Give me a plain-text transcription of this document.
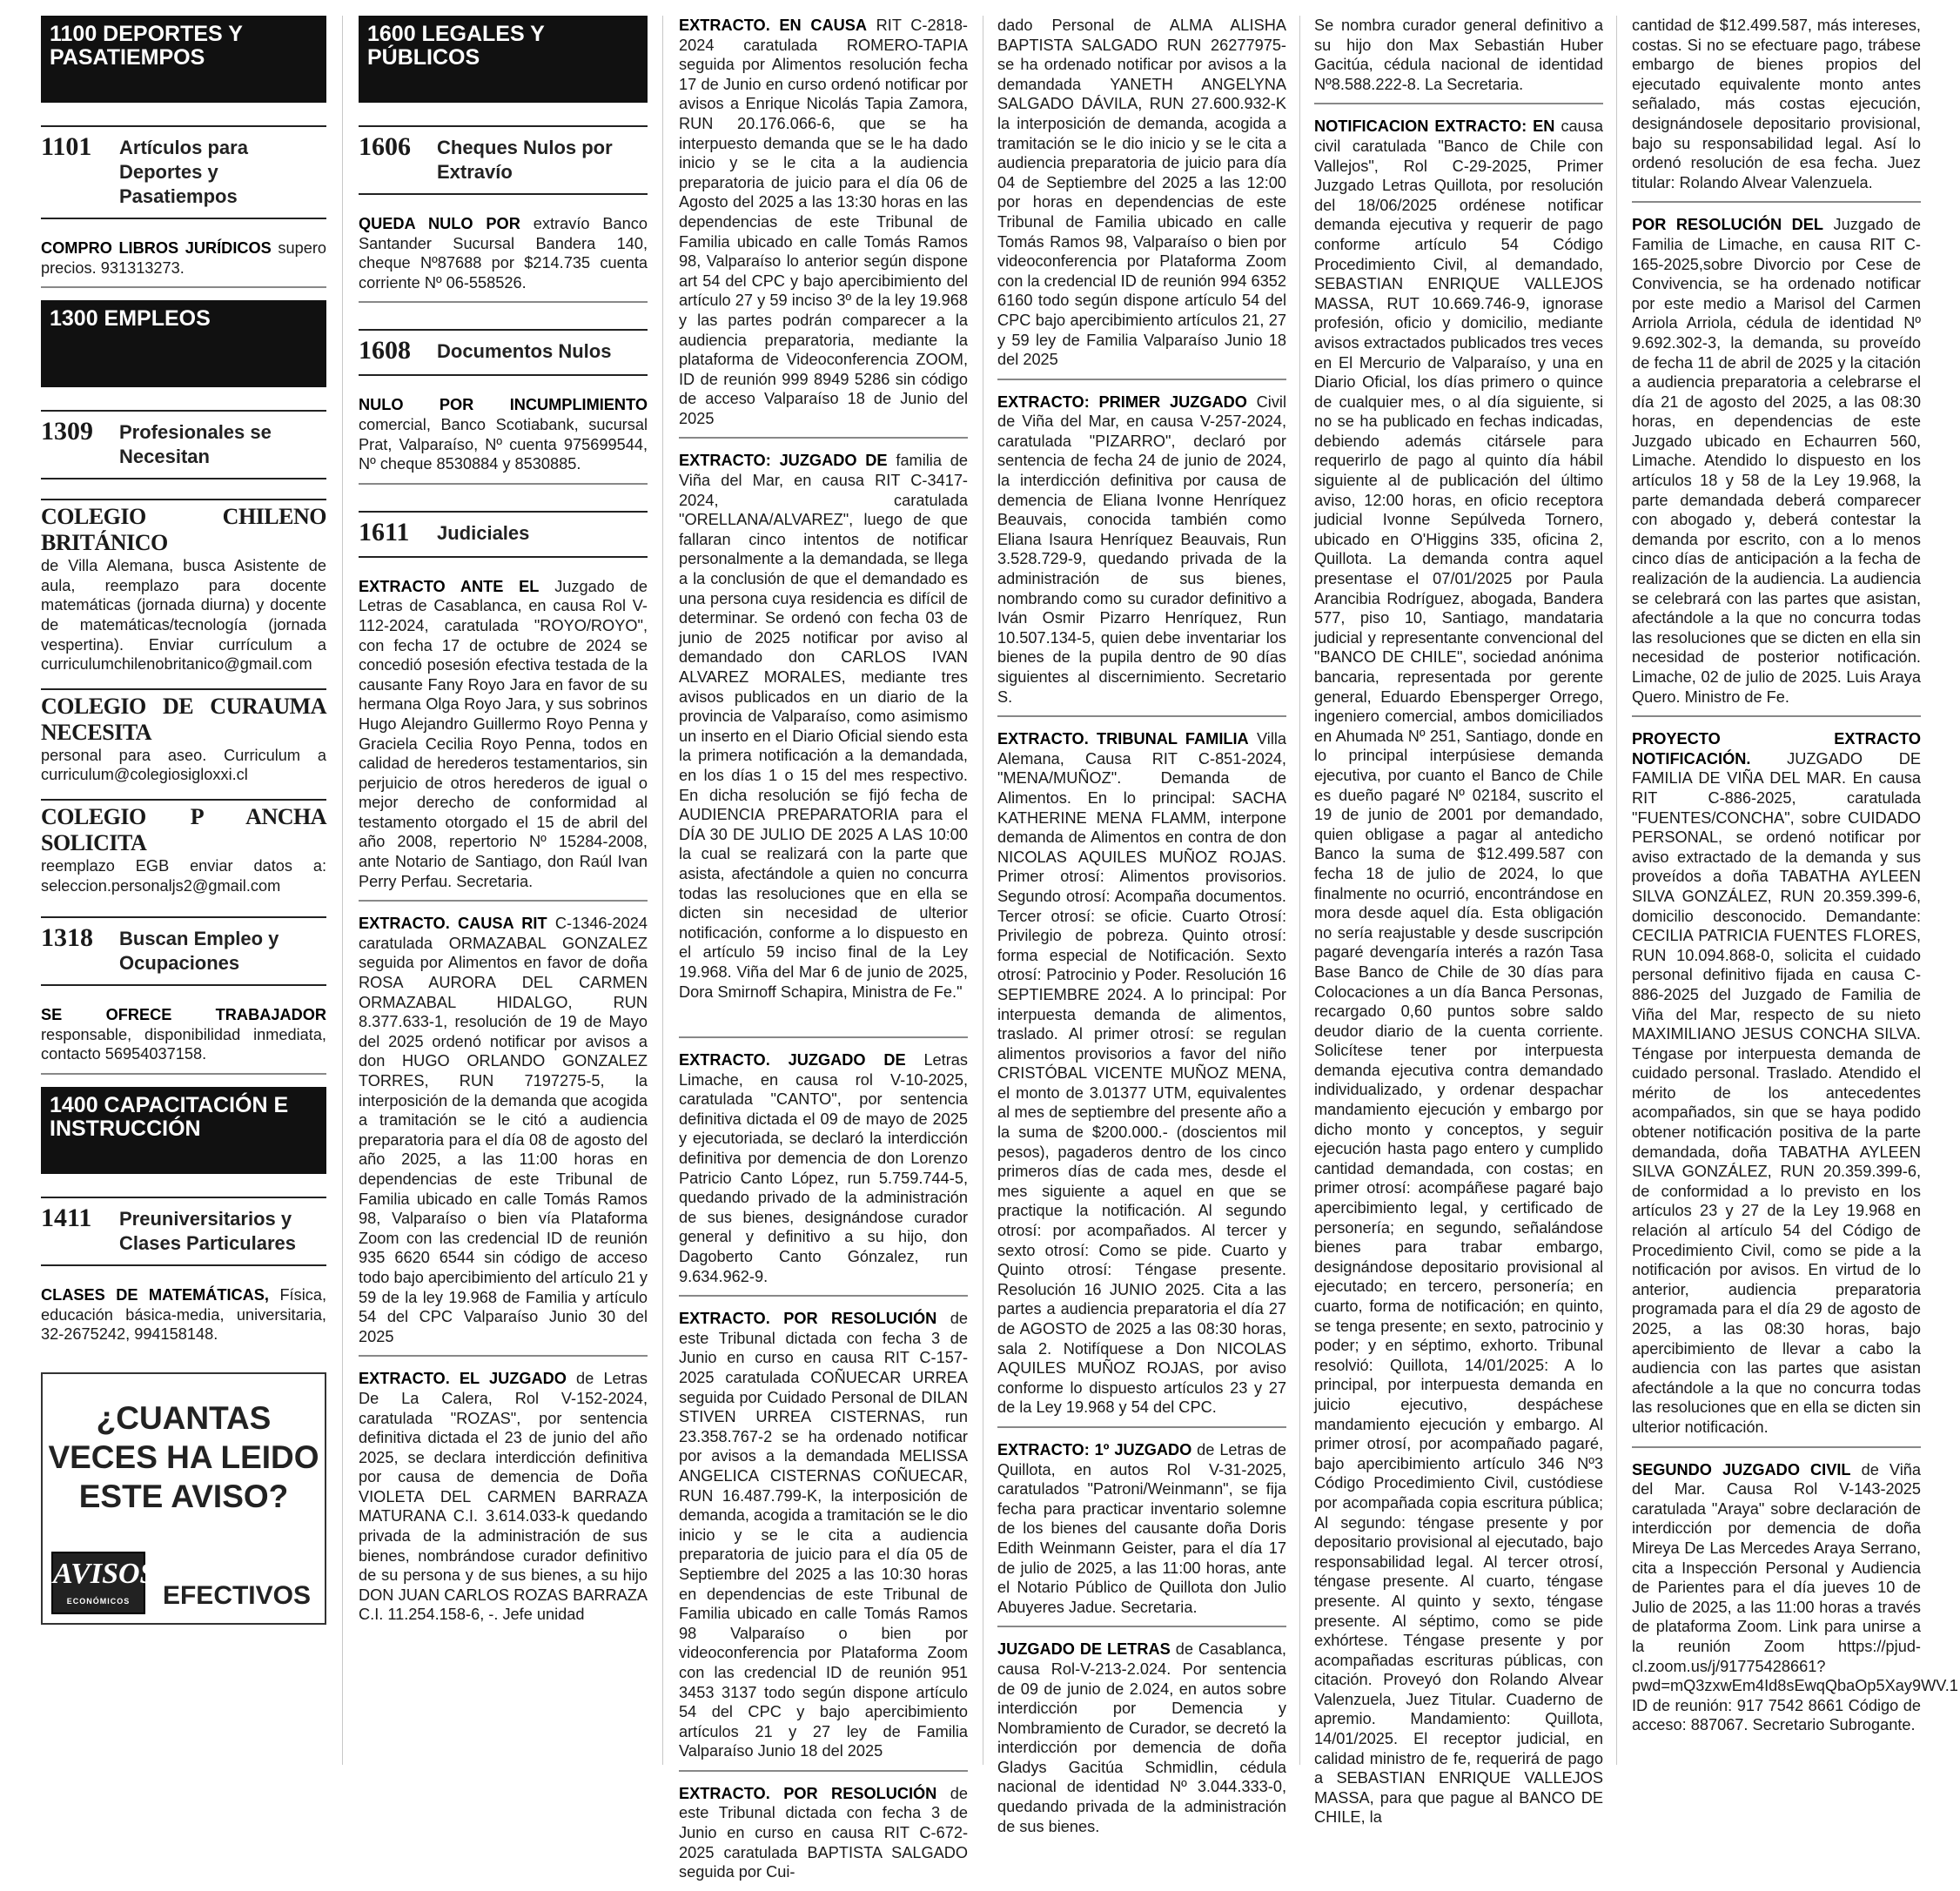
1100 DEPORTES Y PASATIEMPOS
1101	Artículos para Deportes y Pasatiempos
COMPRO LIBROS JURÍDICOS supero precios. 931313273.
1300 EMPLEOS
1309	Profesionales se Necesitan
COLEGIO CHILENO BRITÁNICO
de Villa Alemana, busca Asistente de aula, reemplazo para docente matemáticas (jornada diurna) y docente de matemáticas/tecnología (jornada vespertina). Enviar currículum a curriculumchilenobritanico@gmail.com
COLEGIO DE CURAUMA NECESITA
personal para aseo. Curriculum a curriculum@colegiosigloxxi.cl
COLEGIO P ANCHA SOLICITA
reemplazo EGB enviar datos a: seleccion.personaljs2@gmail.com
1318	Buscan Empleo y Ocupaciones
SE OFRECE TRABAJADOR responsable, disponibilidad inmediata, contacto 56954037158.
1400 CAPACITACIÓN E INSTRUCCIÓN
1411	Preuniversitarios y Clases Particulares
CLASES DE MATEMÁTICAS, Física, educación básica-media, universitaria, 32-2675242, 994158148.
¿CUANTAS VECES HA LEIDO ESTE AVISO?
AVISOS
ECONÓMICOS	EFECTIVOS
1600 LEGALES Y PÚBLICOS
1606	Cheques Nulos por Extravío
QUEDA NULO POR extravío Banco Santander Sucursal Bandera 140, cheque Nº87688 por $214.735 cuenta corriente Nº 06-558526.
1608	Documentos Nulos
NULO POR INCUMPLIMIENTO comercial, Banco Scotiabank, sucursal Prat, Valparaíso, Nº cuenta 975699544, Nº cheque 8530884 y 8530885.
1611	Judiciales
EXTRACTO ANTE EL Juzgado de Letras de Casablanca, en causa Rol V-112-2024, caratulada "ROYO/ROYO", con fecha 17 de octubre de 2024 se concedió posesión efectiva testada de la causante Fany Royo Jara en favor de su hermana Olga Royo Jara, y sus sobrinos Hugo Alejandro Guillermo Royo Penna y Graciela Cecilia Royo Penna, todos en calidad de herederos testamentarios, sin perjuicio de otros herederos de igual o mejor derecho de conformidad al testamento otorgado el 15 de abril del año 2008, repertorio Nº 15284-2008, ante Notario de Santiago, don Raúl Ivan Perry Perfau. Secretaria.
EXTRACTO. CAUSA RIT C-1346-2024 caratulada ORMAZABAL GONZALEZ seguida por Alimentos en favor de doña ROSA AURORA DEL CARMEN ORMAZABAL HIDALGO, RUN 8.377.633-1, resolución de 19 de Mayo del 2025 ordenó notificar por avisos a don HUGO ORLANDO GONZALEZ TORRES, RUN 7197275-5, la interposición de la demanda que acogida a tramitación se le citó a audiencia preparatoria para el día 08 de agosto del año 2025, a las 11:00 horas en dependencias de este Tribunal de Familia ubicado en calle Tomás Ramos 98, Valparaíso o bien vía Plataforma Zoom con las credencial ID de reunión 935 6620 6544 sin código de acceso todo bajo apercibimiento del artículo 21 y 59 de la ley 19.968 de Familia y artículo 54 del CPC Valparaíso Junio 30 del 2025
EXTRACTO. EL JUZGADO de Letras De La Calera, Rol V-152-2024, caratulada "ROZAS", por sentencia definitiva dictada el 23 de junio del año 2025, se declara interdicción definitiva por causa de demencia de Doña VIOLETA DEL CARMEN BARRAZA MATURANA C.I. 3.614.033-k quedando privada de la administración de sus bienes, nombrándose curador definitivo de su persona y de sus bienes, a su hijo DON JUAN CARLOS ROZAS BARRAZA C.I. 11.254.158-6, -. Jefe unidad
EXTRACTO. EN CAUSA RIT C-2818-2024 caratulada ROMERO-TAPIA seguida por Alimentos resolución fecha 17 de Junio en curso ordenó notificar por avisos a Enrique Nicolás Tapia Zamora, RUN 20.176.066-6, que se ha interpuesto demanda que se le ha dado inicio y se le cita a la audiencia preparatoria de juicio para el día 06 de Agosto del 2025 a las 13:30 horas en las dependencias de este Tribunal de Familia ubicado en calle Tomás Ramos 98, Valparaíso lo anterior según dispone art 54 del CPC y bajo apercibimiento del artículo 27 y 59 inciso 3º de la ley 19.968 y las partes podrán comparecer a la audiencia preparatoria, mediante la plataforma de Videoconferencia ZOOM, ID de reunión 999 8949 5286 sin código de acceso Valparaíso 18 de Junio del 2025
EXTRACTO: JUZGADO DE familia de Viña del Mar, en causa RIT C-3417-2024, caratulada "ORELLANA/ALVAREZ", luego de que fallaran cinco intentos de notificar personalmente a la demandada, se llega a la conclusión de que el demandado es una persona cuya residencia es difícil de determinar. Se ordenó con fecha 03 de junio de 2025 notificar por aviso al demandado don CARLOS IVAN ALVAREZ MORALES, mediante tres avisos publicados en un diario de la provincia de Valparaíso, como asimismo un inserto en el Diario Oficial siendo esta la primera notificación a la demandada, en los días 1 o 15 del mes respectivo. En dicha resolución se fijó fecha de AUDIENCIA PREPARATORIA para el DÍA 30 DE JULIO DE 2025 A LAS 10:00 la cual se realizará con la parte que asista, afectándole a quien no concurra todas las resoluciones que en ella se dicten sin necesidad de ulterior notificación, conforme a lo dispuesto en el artículo 59 inciso final de la Ley 19.968. Viña del Mar 6 de junio de 2025, Dora Smirnoff Schapira, Ministra de Fe."
EXTRACTO. JUZGADO DE Letras Limache, en causa rol V-10-2025, caratulada "CANTO", por sentencia definitiva dictada el 09 de mayo de 2025 y ejecutoriada, se declaró la interdicción definitiva por demencia de don Lorenzo Patricio Canto López, run 5.759.744-5, quedando privado de la administración de sus bienes, designándose curador general y definitivo a su hijo, don Dagoberto Canto Gónzalez, run 9.634.962-9.
EXTRACTO. POR RESOLUCIÓN de este Tribunal dictada con fecha 3 de Junio en curso en causa RIT C-157-2025 caratulada COÑUECAR URREA seguida por Cuidado Personal de DILAN STIVEN URREA CISTERNAS, run 23.358.767-2 se ha ordenado notificar por avisos a la demandada MELISSA ANGELICA CISTERNAS COÑUECAR, RUN 16.487.799-K, la interposición de demanda, acogida a tramitación se le dio inicio y se le cita a audiencia preparatoria de juicio para el día 05 de Septiembre del 2025 a las 10:30 horas en dependencias de este Tribunal de Familia ubicado en calle Tomás Ramos 98 Valparaíso o bien por videoconferencia por Plataforma Zoom con las credencial ID de reunión 951 3453 3137 todo según dispone artículo 54 del CPC y bajo apercibimiento artículos 21 y 27 ley de Familia Valparaíso Junio 18 del 2025
EXTRACTO. POR RESOLUCIÓN de este Tribunal dictada con fecha 3 de Junio en curso en causa RIT C-672-2025 caratulada BAPTISTA SALGADO seguida por Cui-
dado Personal de ALMA ALISHA BAPTISTA SALGADO RUN 26277975-se ha ordenado notificar por avisos a la demandada YANETH ANGELYNA SALGADO DÁVILA, RUN 27.600.932-K la interposición de demanda, acogida a tramitación se le dio inicio y se le cita a audiencia preparatoria de juicio para día 04 de Septiembre del 2025 a las 12:00 por horas en dependencias de este Tribunal de Familia ubicado en calle Tomás Ramos 98, Valparaíso o bien por videoconferencia por Plataforma Zoom con la credencial ID de reunión 994 6352 6160 todo según dispone artículo 54 del CPC bajo apercibimiento artículos 21, 27 y 59 ley de Familia Valparaíso Junio 18 del 2025
EXTRACTO: PRIMER JUZGADO Civil de Viña del Mar, en causa V-257-2024, caratulada "PIZARRO", declaró por sentencia de fecha 24 de junio de 2024, la interdicción definitiva por causa de demencia de Eliana Ivonne Henríquez Beauvais, conocida también como Eliana Isaura Henríquez Beauvais, Run 3.528.729-9, quedando privada de la administración de sus bienes, nombrando como su curador definitivo a Iván Osmir Pizarro Henríquez, Run 10.507.134-5, quien debe inventariar los bienes de la pupila dentro de 90 días siguientes al discernimiento. Secretario S.
EXTRACTO. TRIBUNAL FAMILIA Villa Alemana, Causa RIT C-851-2024, "MENA/MUÑOZ". Demanda de Alimentos. En lo principal: SACHA KATHERINE MENA FLAMM, interpone demanda de Alimentos en contra de don NICOLAS AQUILES MUÑOZ ROJAS. Primer otrosí: Alimentos provisorios. Segundo otrosí: Acompaña documentos. Tercer otrosí: se oficie. Cuarto Otrosí: Privilegio de pobreza. Quinto otrosí: forma especial de Notificación. Sexto otrosí: Patrocinio y Poder. Resolución 16 SEPTIEMBRE 2024. A lo principal: Por interpuesta demanda de alimentos, traslado. Al primer otrosí: se regulan alimentos provisorios a favor del niño CRISTÓBAL VICENTE MUÑOZ MENA, el monto de 3.01377 UTM, equivalentes al mes de septiembre del presente año a la suma de $200.000.- (doscientos mil pesos), pagaderos dentro de los cinco primeros días de cada mes, desde el mes siguiente a aquel en que se practique la notificación. Al segundo otrosí: por acompañados. Al tercer y sexto otrosí: Como se pide. Cuarto y Quinto otrosí: Téngase presente. Resolución 16 JUNIO 2025. Cita a las partes a audiencia preparatoria el día 27 de AGOSTO de 2025 a las 08:30 horas, sala 2. Notifíquese a Don NICOLAS AQUILES MUÑOZ ROJAS, por aviso conforme lo dispuesto artículos 23 y 27 de la Ley 19.968 y 54 del CPC.
EXTRACTO: 1º JUZGADO de Letras de Quillota, en autos Rol V-31-2025, caratulados "Patroni/Weinmann", se fija fecha para practicar inventario solemne de los bienes del causante doña Doris Edith Weinmann Geister, para el día 17 de julio de 2025, a las 11:00 horas, ante el Notario Público de Quillota don Julio Abuyeres Jadue. Secretaria.
JUZGADO DE LETRAS de Casablanca, causa Rol-V-213-2.024. Por sentencia de 09 de junio de 2.024, en autos sobre interdicción por Demencia y Nombramiento de Curador, se decretó la interdicción por demencia de doña Gladys Gacitúa Schmidlin, cédula nacional de identidad Nº 3.044.333-0, quedando privada de la administración de sus bienes.
Se nombra curador general definitivo a su hijo don Max Sebastián Huber Gacitúa, cédula nacional de identidad Nº8.588.222-8. La Secretaria.
NOTIFICACION EXTRACTO: EN causa civil caratulada "Banco de Chile con Vallejos", Rol C-29-2025, Primer Juzgado Letras Quillota, por resolución del 18/06/2025 ordénese notificar demanda ejecutiva y requerir de pago conforme artículo 54 Código Procedimiento Civil, al demandado, SEBASTIAN ENRIQUE VALLEJOS MASSA, RUT 10.669.746-9, ignorase profesión, oficio y domicilio, mediante avisos extractados publicados tres veces en El Mercurio de Valparaíso, y una en Diario Oficial, los días primero o quince de cualquier mes, o al día siguiente, si no se ha publicado en fechas indicadas, debiendo además citársele para requerirlo de pago al quinto día hábil siguiente al de publicación del último aviso, 12:00 horas, en oficio receptora judicial Ivonne Sepúlveda Tornero, ubicado en O'Higgins 335, oficina 2, Quillota. La demanda contra aquel presentase el 07/01/2025 por Paula Arancibia Rodríguez, abogada, Bandera 577, piso 10, Santiago, mandataria judicial y representante convencional del "BANCO DE CHILE", sociedad anónima bancaria, representada por gerente general, Eduardo Ebensperger Orrego, ingeniero comercial, ambos domiciliados en Ahumada Nº 251, Santiago, donde en lo principal interpúsiese demanda ejecutiva, por cuanto el Banco de Chile es dueño pagaré Nº 02184, suscrito el 19 de junio de 2001 por demandado, quien obligase a pagar al antedicho Banco la suma de $12.499.587 con fecha 18 de julio de 2024, lo que finalmente no ocurrió, encontrándose en mora desde aquel día. Esta obligación no sería reajustable y desde suscripción pagaré devengaría interés a razón Tasa Base Banco de Chile de 30 días para Colocaciones a un día Banca Personas, recargado 0,60 puntos sobre saldo deudor diario de la cuenta corriente. Solicítese tener por interpuesta demanda ejecutiva contra demandado individualizado, y ordenar despachar mandamiento ejecución y embargo por dicho monto y conceptos, y seguir ejecución hasta pago entero y cumplido cantidad demandada, con costas; en primer otrosí: acompáñese pagaré bajo apercibimiento legal, y certificado de personería; en segundo, señalándose bienes para trabar embargo, designándose depositario provisional al ejecutado; en tercero, personería; en cuarto, forma de notificación; en quinto, se tenga presente; en sexto, patrocinio y poder; y en séptimo, exhorto. Tribunal resolvió: Quillota, 14/01/2025: A lo principal, por interpuesta demanda en juicio ejecutivo, despáchese mandamiento ejecución y embargo. Al primer otrosí, por acompañado pagaré, bajo apercibimiento artículo 346 Nº3 Código Procedimiento Civil, custódiese por acompañada copia escritura pública; Al segundo: téngase presente y por depositario provisional al ejecutado, bajo responsabilidad legal. Al tercer otrosí, téngase presente. Al cuarto, téngase presente. Al quinto y sexto, téngase presente. Al séptimo, como se pide exhórtese. Téngase presente y por acompañadas escrituras públicas, con citación. Proveyó don Rolando Alvear Valenzuela, Juez Titular. Cuaderno de apremio. Mandamiento: Quillota, 14/01/2025. El receptor judicial, en calidad ministro de fe, requerirá de pago a SEBASTIAN ENRIQUE VALLEJOS MASSA, para que pague al BANCO DE CHILE, la
cantidad de $12.499.587, más intereses, costas. Si no se efectuare pago, trábese embargo de bienes propios del ejecutado equivalente monto antes señalado, más costas ejecución, designándosele depositario provisional, bajo su responsabilidad legal. Así lo ordenó resolución de esa fecha. Juez titular: Rolando Alvear Valenzuela.
POR RESOLUCIÓN DEL Juzgado de Familia de Limache, en causa RIT C-165-2025,sobre Divorcio por Cese de Convivencia, se ha ordenado notificar por este medio a Marisol del Carmen Arriola Arriola, cédula de identidad Nº 9.692.302-3, la demanda, su proveído de fecha 11 de abril de 2025 y la citación a audiencia preparatoria a celebrarse el día 21 de agosto del 2025, a las 08:30 horas, en dependencias de este Juzgado ubicado en Echaurren 560, Limache. Atendido lo dispuesto en los artículos 18 y 58 de la Ley 19.968, la parte demandada deberá comparecer con abogado y, deberá contestar la demanda por escrito, con a lo menos cinco días de anticipación a la fecha de realización de la audiencia. La audiencia se celebrará con las partes que asistan, afectándole a la que no concurra todas las resoluciones que se dicten en ella sin necesidad de posterior notificación. Limache, 02 de julio de 2025. Luis Araya Quero. Ministro de Fe.
PROYECTO EXTRACTO NOTIFICACIÓN. JUZGADO DE FAMILIA DE VIÑA DEL MAR. En causa RIT C-886-2025, caratulada "FUENTES/CONCHA", sobre CUIDADO PERSONAL, se ordenó notificar por aviso extractado de la demanda y sus proveídos a doña TABATHA AYLEEN SILVA GONZÁLEZ, RUN 20.359.399-6, domicilio desconocido. Demandante: CECILIA PATRICIA FUENTES FLORES, RUN 10.094.868-0, solicita el cuidado personal definitivo fijada en causa C-886-2025 del Juzgado de Familia de Viña del Mar, respecto de su nieto MAXIMILIANO JESUS CONCHA SILVA. Téngase por interpuesta demanda de cuidado personal. Traslado. Atendido el mérito de los antecedentes acompañados, sin que se haya podido obtener notificación positiva de la parte demandada, doña TABATHA AYLEEN SILVA GONZÁLEZ, RUN 20.359.399-6, de conformidad a lo previsto en los artículos 23 y 27 de la Ley 19.968 en relación al artículo 54 del Código de Procedimiento Civil, como se pide a la notificación por avisos. En virtud de lo anterior, audiencia preparatoria programada para el día 29 de agosto de 2025, a las 08:30 horas, bajo apercibimiento de llevar a cabo la audiencia con las partes que asistan afectándole a la que no concurra todas las resoluciones que en ella se dicten sin ulterior notificación.
SEGUNDO JUZGADO CIVIL de Viña del Mar. Causa Rol V-143-2025 caratulada "Araya" sobre declaración de interdicción por demencia de doña Mireya De Las Mercedes Araya Serrano, cita a Inspección Personal y Audiencia de Parientes para el día jueves 10 de Julio de 2025, a las 11:00 horas a través de plataforma Zoom. Link para unirse a la reunión Zoom https://pjud-cl.zoom.us/j/91775428661?pwd=mQ3zxwEm4Id8sEwqQbaOp5Xay9WV.1 ID de reunión: 917 7542 8661 Código de acceso: 887067. Secretario Subrogante.
